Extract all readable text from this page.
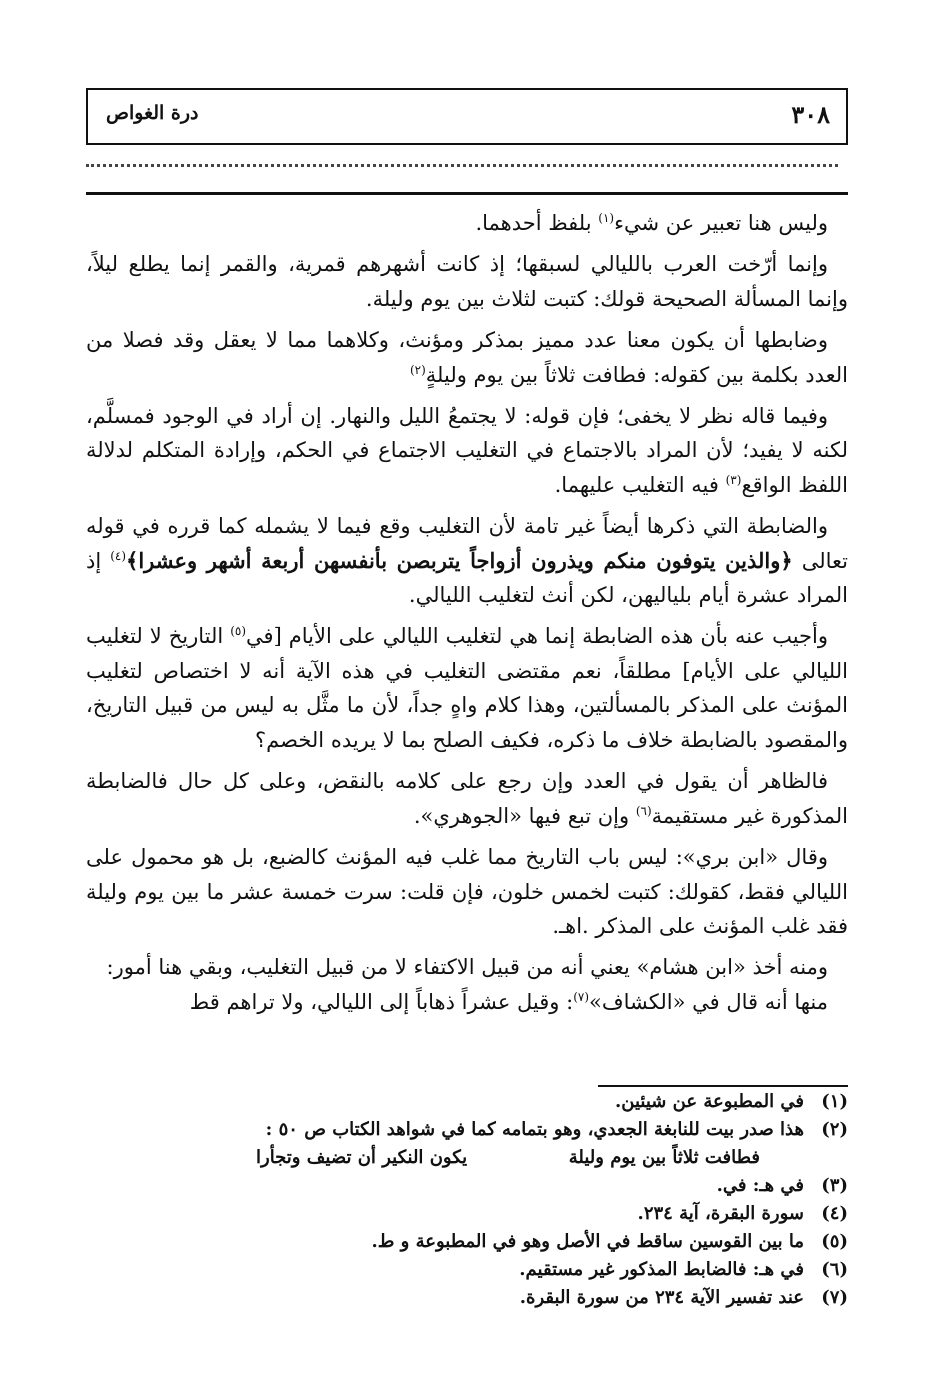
٣٠٨
درة الغواص

وليس هنا تعبير عن شيء$^{(١)}$ بلفظ أحدهما.

وإنما أرّخت العرب بالليالي لسبقها؛ إذ كانت أشهرهم قمرية، والقمر إنما يطلع ليلاً، وإنما المسألة الصحيحة قولك: كتبت لثلاث بين يوم وليلة.

وضابطها أن يكون معنا عدد مميز بمذكر ومؤنث، وكلاهما مما لا يعقل وقد فصلا من العدد بكلمة بين كقوله: فطافت ثلاثاً بين يوم وليلةٍ$^{(٢)}$

وفيما قاله نظر لا يخفى؛ فإن قوله: لا يجتمعُ الليل والنهار. إن أراد في الوجود فمسلَّم، لكنه لا يفيد؛ لأن المراد بالاجتماع في التغليب الاجتماع في الحكم، وإرادة المتكلم لدلالة اللفظ الواقع$^{(٣)}$ فيه التغليب عليهما.

والضابطة التي ذكرها أيضاً غير تامة لأن التغليب وقع فيما لا يشمله كما قرره في قوله تعالى ﴿والذين يتوفون منكم ويذرون أزواجاً يتربصن بأنفسهن أربعة أشهر وعشرا﴾$^{(٤)}$ إذ المراد عشرة أيام بلياليهن، لكن أنث لتغليب الليالي.

وأجيب عنه بأن هذه الضابطة إنما هي لتغليب الليالي على الأيام [في$^{(٥)}$ التاريخ لا لتغليب الليالي على الأيام] مطلقاً، نعم مقتضى التغليب في هذه الآية أنه لا اختصاص لتغليب المؤنث على المذكر بالمسألتين، وهذا كلام واهٍ جداً، لأن ما مثَّل به ليس من قبيل التاريخ، والمقصود بالضابطة خلاف ما ذكره، فكيف الصلح بما لا يريده الخصم؟

فالظاهر أن يقول في العدد وإن رجع على كلامه بالنقض، وعلى كل حال فالضابطة المذكورة غير مستقيمة$^{(٦)}$ وإن تبع فيها «الجوهري».

وقال «ابن بري»: ليس باب التاريخ مما غلب فيه المؤنث كالضبع، بل هو محمول على الليالي فقط، كقولك: كتبت لخمس خلون، فإن قلت: سرت خمسة عشر ما بين يوم وليلة فقد غلب المؤنث على المذكر .اهـ.

ومنه أخذ «ابن هشام» يعني أنه من قبيل الاكتفاء لا من قبيل التغليب، وبقي هنا أمور:

منها أنه قال في «الكشاف»$^{(٧)}$: وقيل عشراً ذهاباً إلى الليالي، ولا تراهم قط

(١)
في المطبوعة عن شيئين.
(٢)
هذا صدر بيت للنابغة الجعدي، وهو بتمامه كما في شواهد الكتاب ص ٥٠ :
فطافت ثلاثاً بين يوم وليلة
يكون النكير أن تضيف وتجأرا
(٣)
في هـ: في.
(٤)
سورة البقرة، آية ٢٣٤.
(٥)
ما بين القوسين ساقط في الأصل وهو في المطبوعة و ط.
(٦)
في هـ: فالضابط المذكور غير مستقيم.
(٧)
عند تفسير الآية ٢٣٤ من سورة البقرة.
